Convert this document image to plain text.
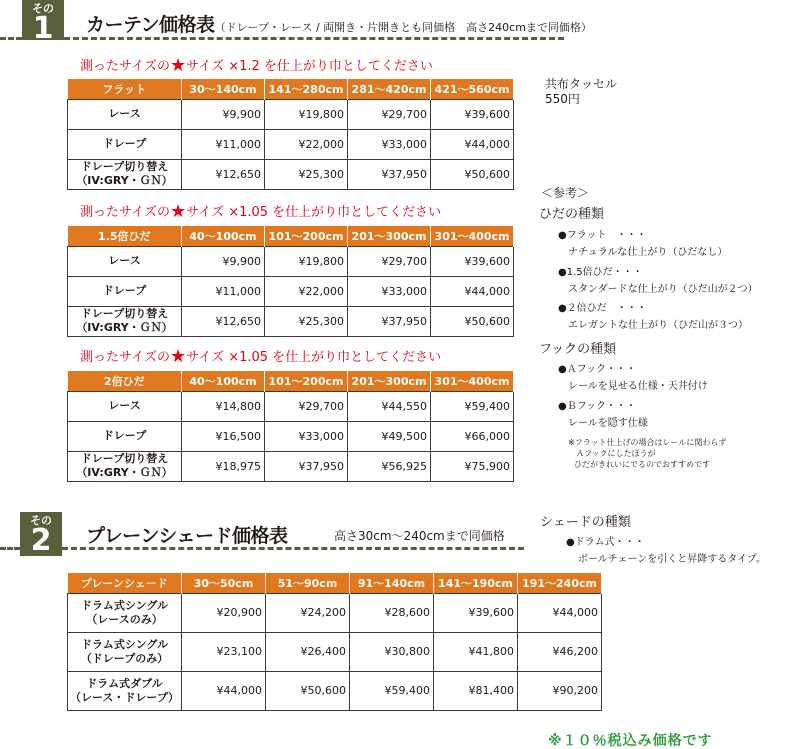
その
1	カーテン価格表（ドレープ・レース / 両開き・片開きとも同価格　高さ240cmまで同価格）
測ったサイズの★サイズ ×1.2 を仕上がり巾としてください
フラット	30～140cm	141～280cm	281～420cm	421～560cm
レース	¥9,900	¥19,800	¥29,700	¥39,600
ドレープ	¥11,000	¥22,000	¥33,000	¥44,000
ドレープ切り替え
（IV:GRY・ＧＮ）	¥12,650	¥25,300	¥37,950	¥50,600
測ったサイズの★サイズ ×1.05 を仕上がり巾としてください
1.5倍ひだ	40～100cm	101～200cm	201～300cm	301～400cm
レース	¥9,900	¥19,800	¥29,700	¥39,600
ドレープ	¥11,000	¥22,000	¥33,000	¥44,000
ドレープ切り替え
（IV:GRY・ＧＮ）	¥12,650	¥25,300	¥37,950	¥50,600
測ったサイズの★サイズ ×1.05 を仕上がり巾としてください
2倍ひだ	40～100cm	101～200cm	201～300cm	301～400cm
レース	¥14,800	¥29,700	¥44,550	¥59,400
ドレープ	¥16,500	¥33,000	¥49,500	¥66,000
ドレープ切り替え
（IV:GRY・ＧＮ）	¥18,975	¥37,950	¥56,925	¥75,900
共布タッセル
550円
＜参考＞
ひだの種類
●フラット　・・・
ナチュラルな仕上がり（ひだなし）
●1.5倍ひだ・・・
スタンダードな仕上がり（ひだ山が２つ）
●２倍ひだ　・・・
エレガントな仕上がり（ひだ山が３つ）
フックの種類
●Ａフック・・・
レールを見せる仕様・天井付け
●Ｂフック・・・
レールを隠す仕様
※フラット仕上げの場合はレールに関わらず
Ａフックにしたほうが
ひだがきれいにでるのでおすすめです
その
2	プレーンシェード価格表	高さ30cm～240cmまで同価格
シェードの種類
●ドラム式・・・
ボールチェーンを引くと昇降するタイプ。
プレーンシェード	30～50cm	51～90cm	91～140cm	141～190cm	191～240cm
ドラム式シングル
（レースのみ）	¥20,900	¥24,200	¥28,600	¥39,600	¥44,000
ドラム式シングル
（ドレープのみ）	¥23,100	¥26,400	¥30,800	¥41,800	¥46,200
ドラム式ダブル
（レース・ドレープ）	¥44,000	¥50,600	¥59,400	¥81,400	¥90,200
※１０％税込み価格です
